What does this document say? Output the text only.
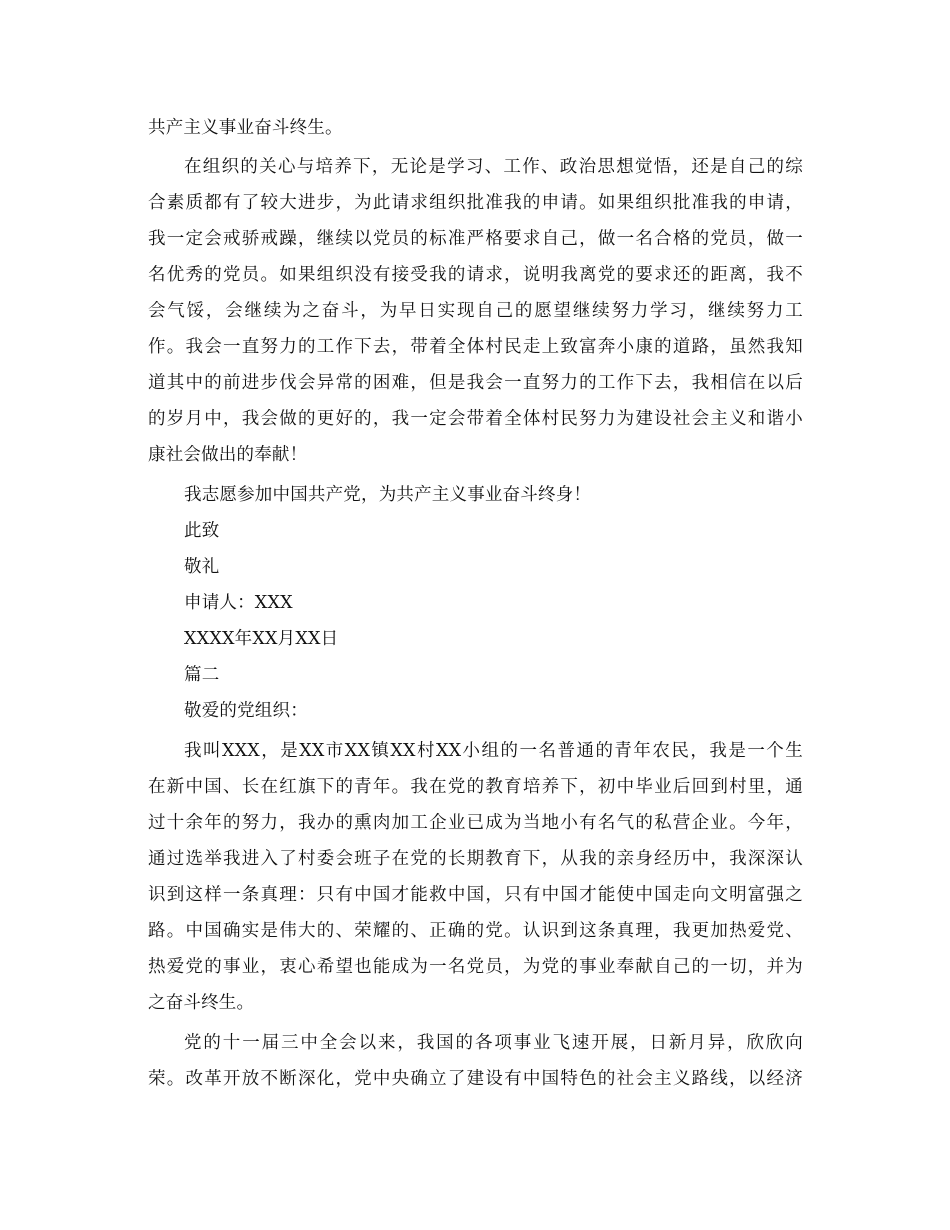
共产主义事业奋斗终生。
在组织的关心与培养下，无论是学习、工作、政治思想觉悟，还是自己的综
合素质都有了较大进步，为此请求组织批准我的申请。如果组织批准我的申请，
我一定会戒骄戒躁，继续以党员的标准严格要求自己，做一名合格的党员，做一
名优秀的党员。如果组织没有接受我的请求，说明我离党的要求还的距离，我不
会气馁，会继续为之奋斗，为早日实现自己的愿望继续努力学习，继续努力工
作。我会一直努力的工作下去，带着全体村民走上致富奔小康的道路，虽然我知
道其中的前进步伐会异常的困难，但是我会一直努力的工作下去，我相信在以后
的岁月中，我会做的更好的，我一定会带着全体村民努力为建设社会主义和谐小
康社会做出的奉献！
我志愿参加中国共产党，为共产主义事业奋斗终身！
此致
敬礼
申请人：XXX
XXXX年XX月XX日
篇二
敬爱的党组织：
我叫XXX，是XX市XX镇XX村XX小组的一名普通的青年农民，我是一个生
在新中国、长在红旗下的青年。我在党的教育培养下，初中毕业后回到村里，通
过十余年的努力，我办的熏肉加工企业已成为当地小有名气的私营企业。今年，
通过选举我进入了村委会班子在党的长期教育下，从我的亲身经历中，我深深认
识到这样一条真理：只有中国才能救中国，只有中国才能使中国走向文明富强之
路。中国确实是伟大的、荣耀的、正确的党。认识到这条真理，我更加热爱党、
热爱党的事业，衷心希望也能成为一名党员，为党的事业奉献自己的一切，并为
之奋斗终生。
党的十一届三中全会以来，我国的各项事业飞速开展，日新月异，欣欣向
荣。改革开放不断深化，党中央确立了建设有中国特色的社会主义路线，以经济
